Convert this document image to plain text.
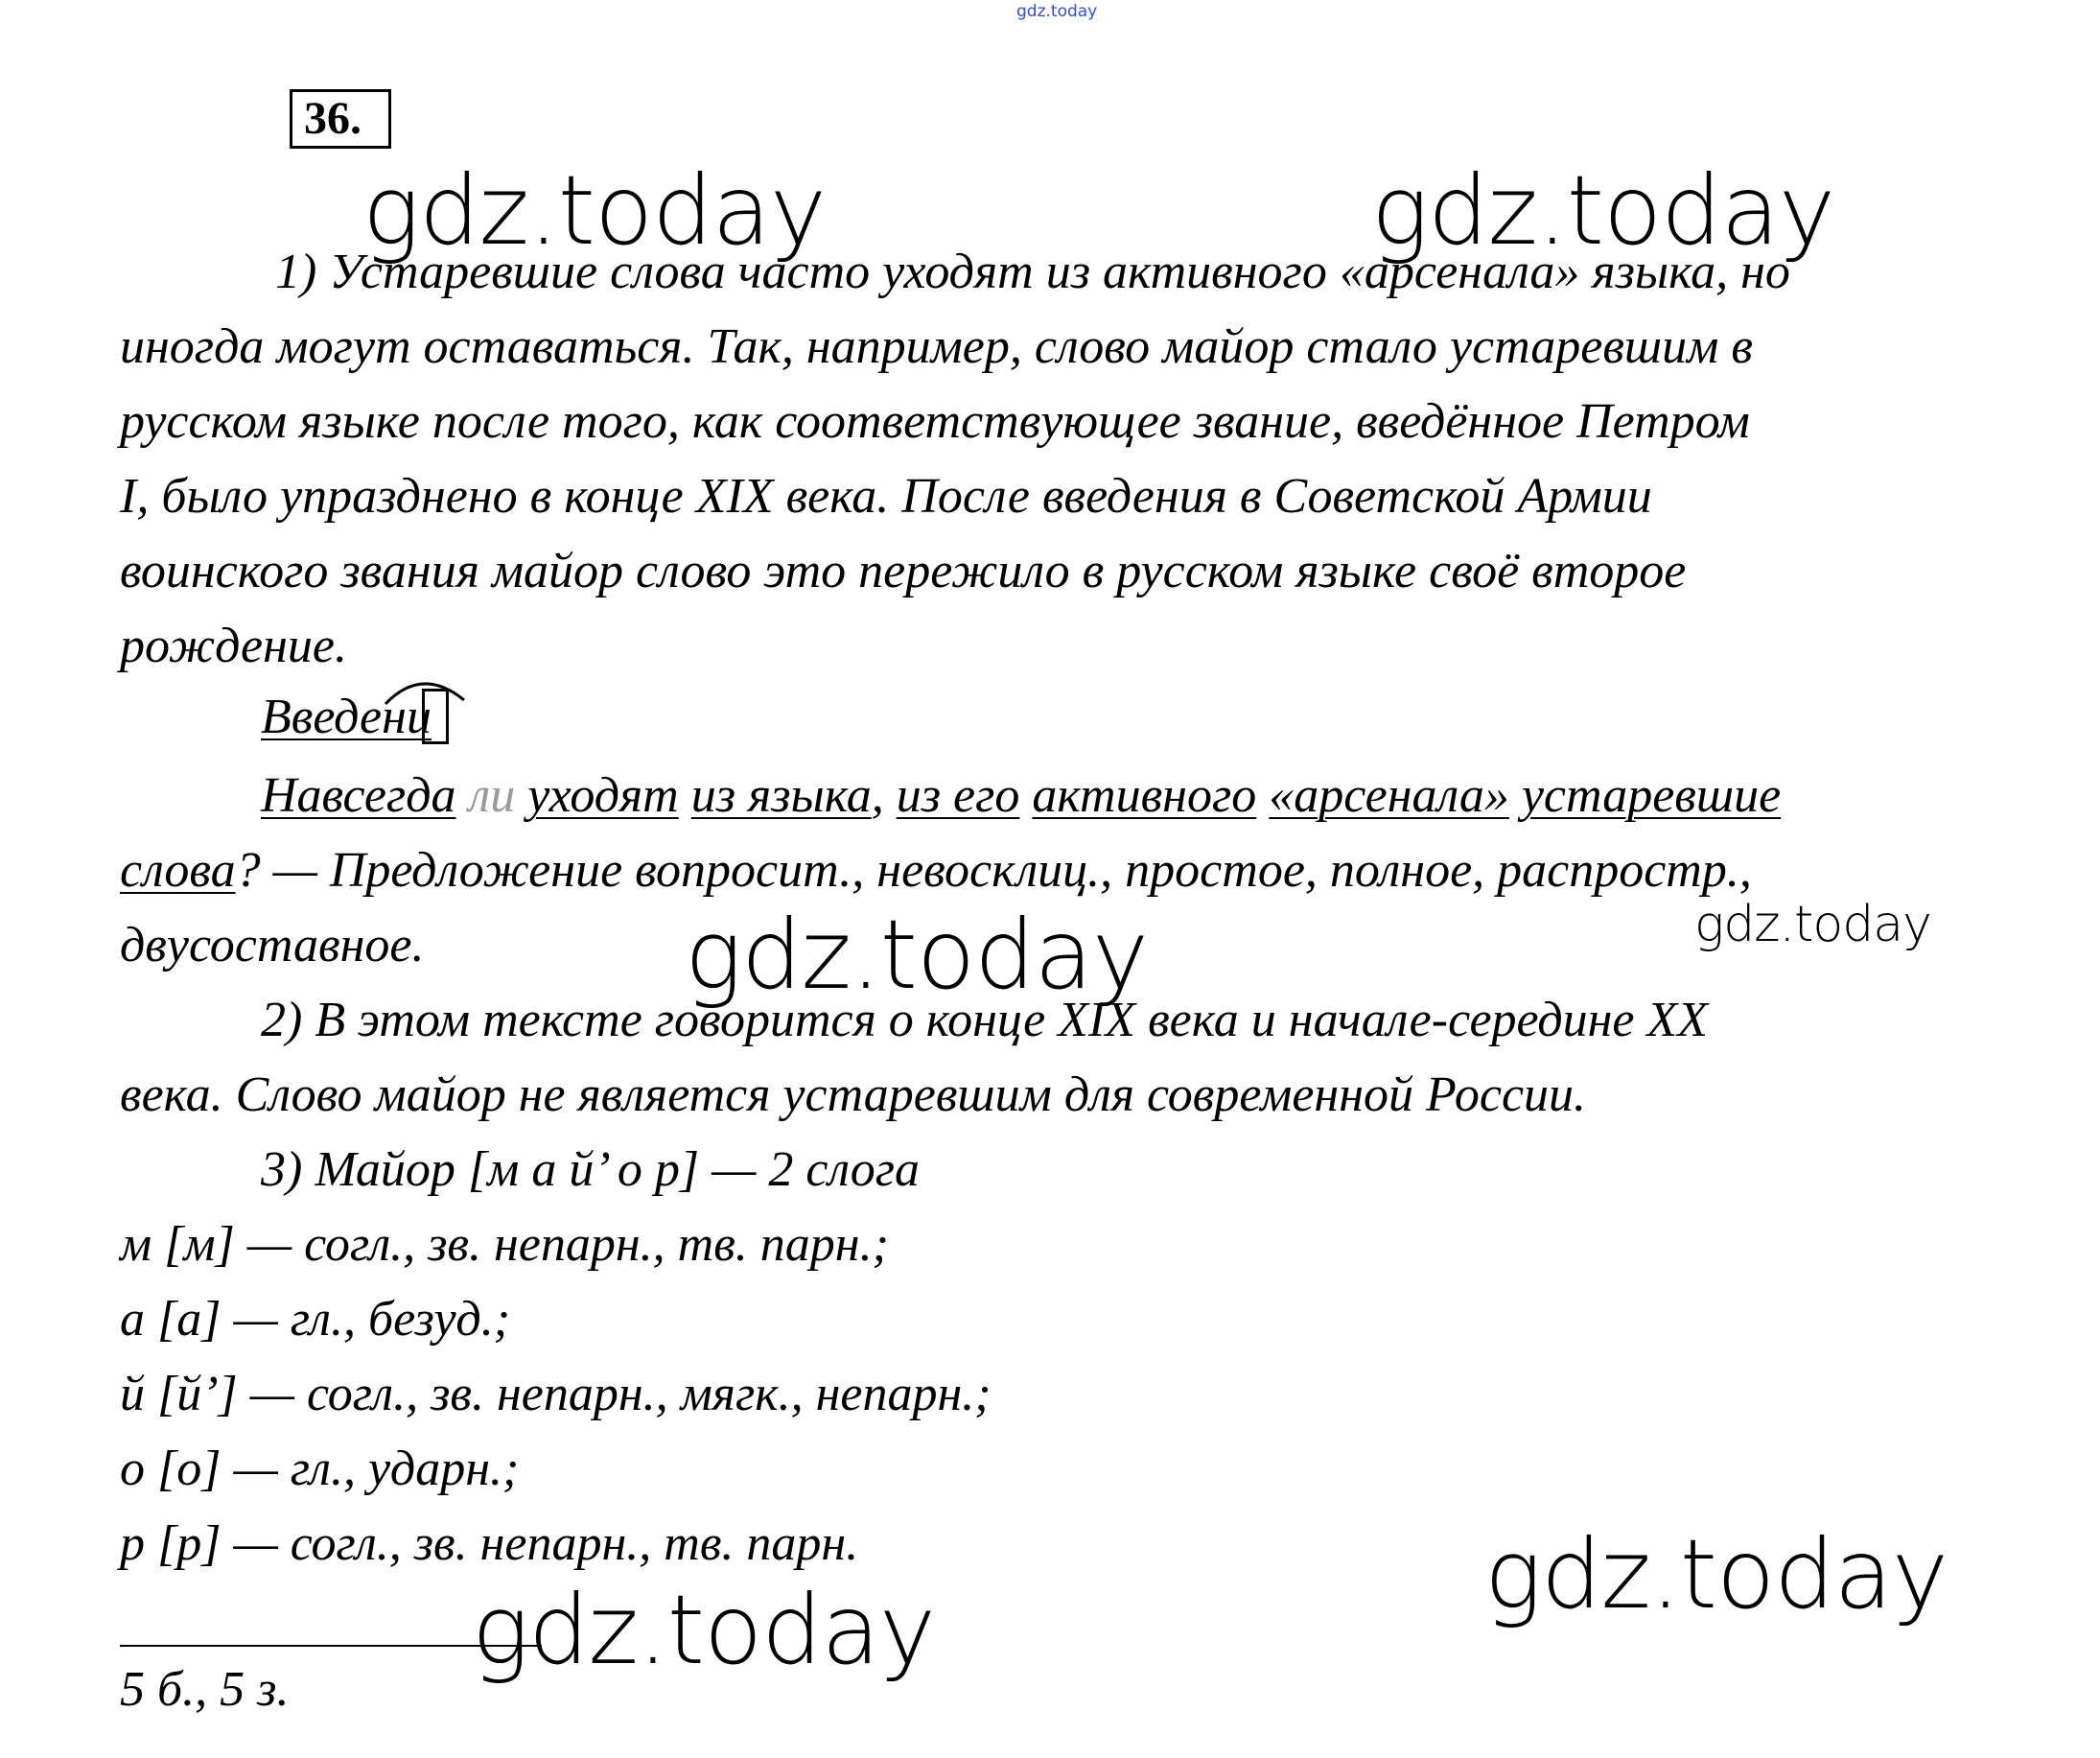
gdz.today
36.
gdz.today	gdz.today
gdz.today	gdz.today
gdz.today
gdz.today
1) Устаревшие слова часто уходят из активного «арсенала» языка, но
иногда могут оставаться. Так, например, слово майор стало устаревшим в
русском языке после того, как соответствующее звание, введённое Петром
I, было упразднено в конце XIX века. После введения в Советской Армии
воинского звания майор слово это пережило в русском языке своё второе
рождение.
Введени
Навсегда ли уходят из языка, из его активного «арсенала» устаревшие
слова? — Предложение вопросит., невосклиц., простое, полное, распростр.,
двусоставное.
2) В этом тексте говорится о конце XIX века и начале-середине XX
века. Слово майор не является устаревшим для современной России.
3) Майор [м а й’ о р] — 2 слога
м [м] — согл., зв. непарн., тв. парн.;
а [а] — гл., безуд.;
й [й’] — согл., зв. непарн., мягк., непарн.;
о [о] — гл., ударн.;
р [р] — согл., зв. непарн., тв. парн.
5 б., 5 з.
